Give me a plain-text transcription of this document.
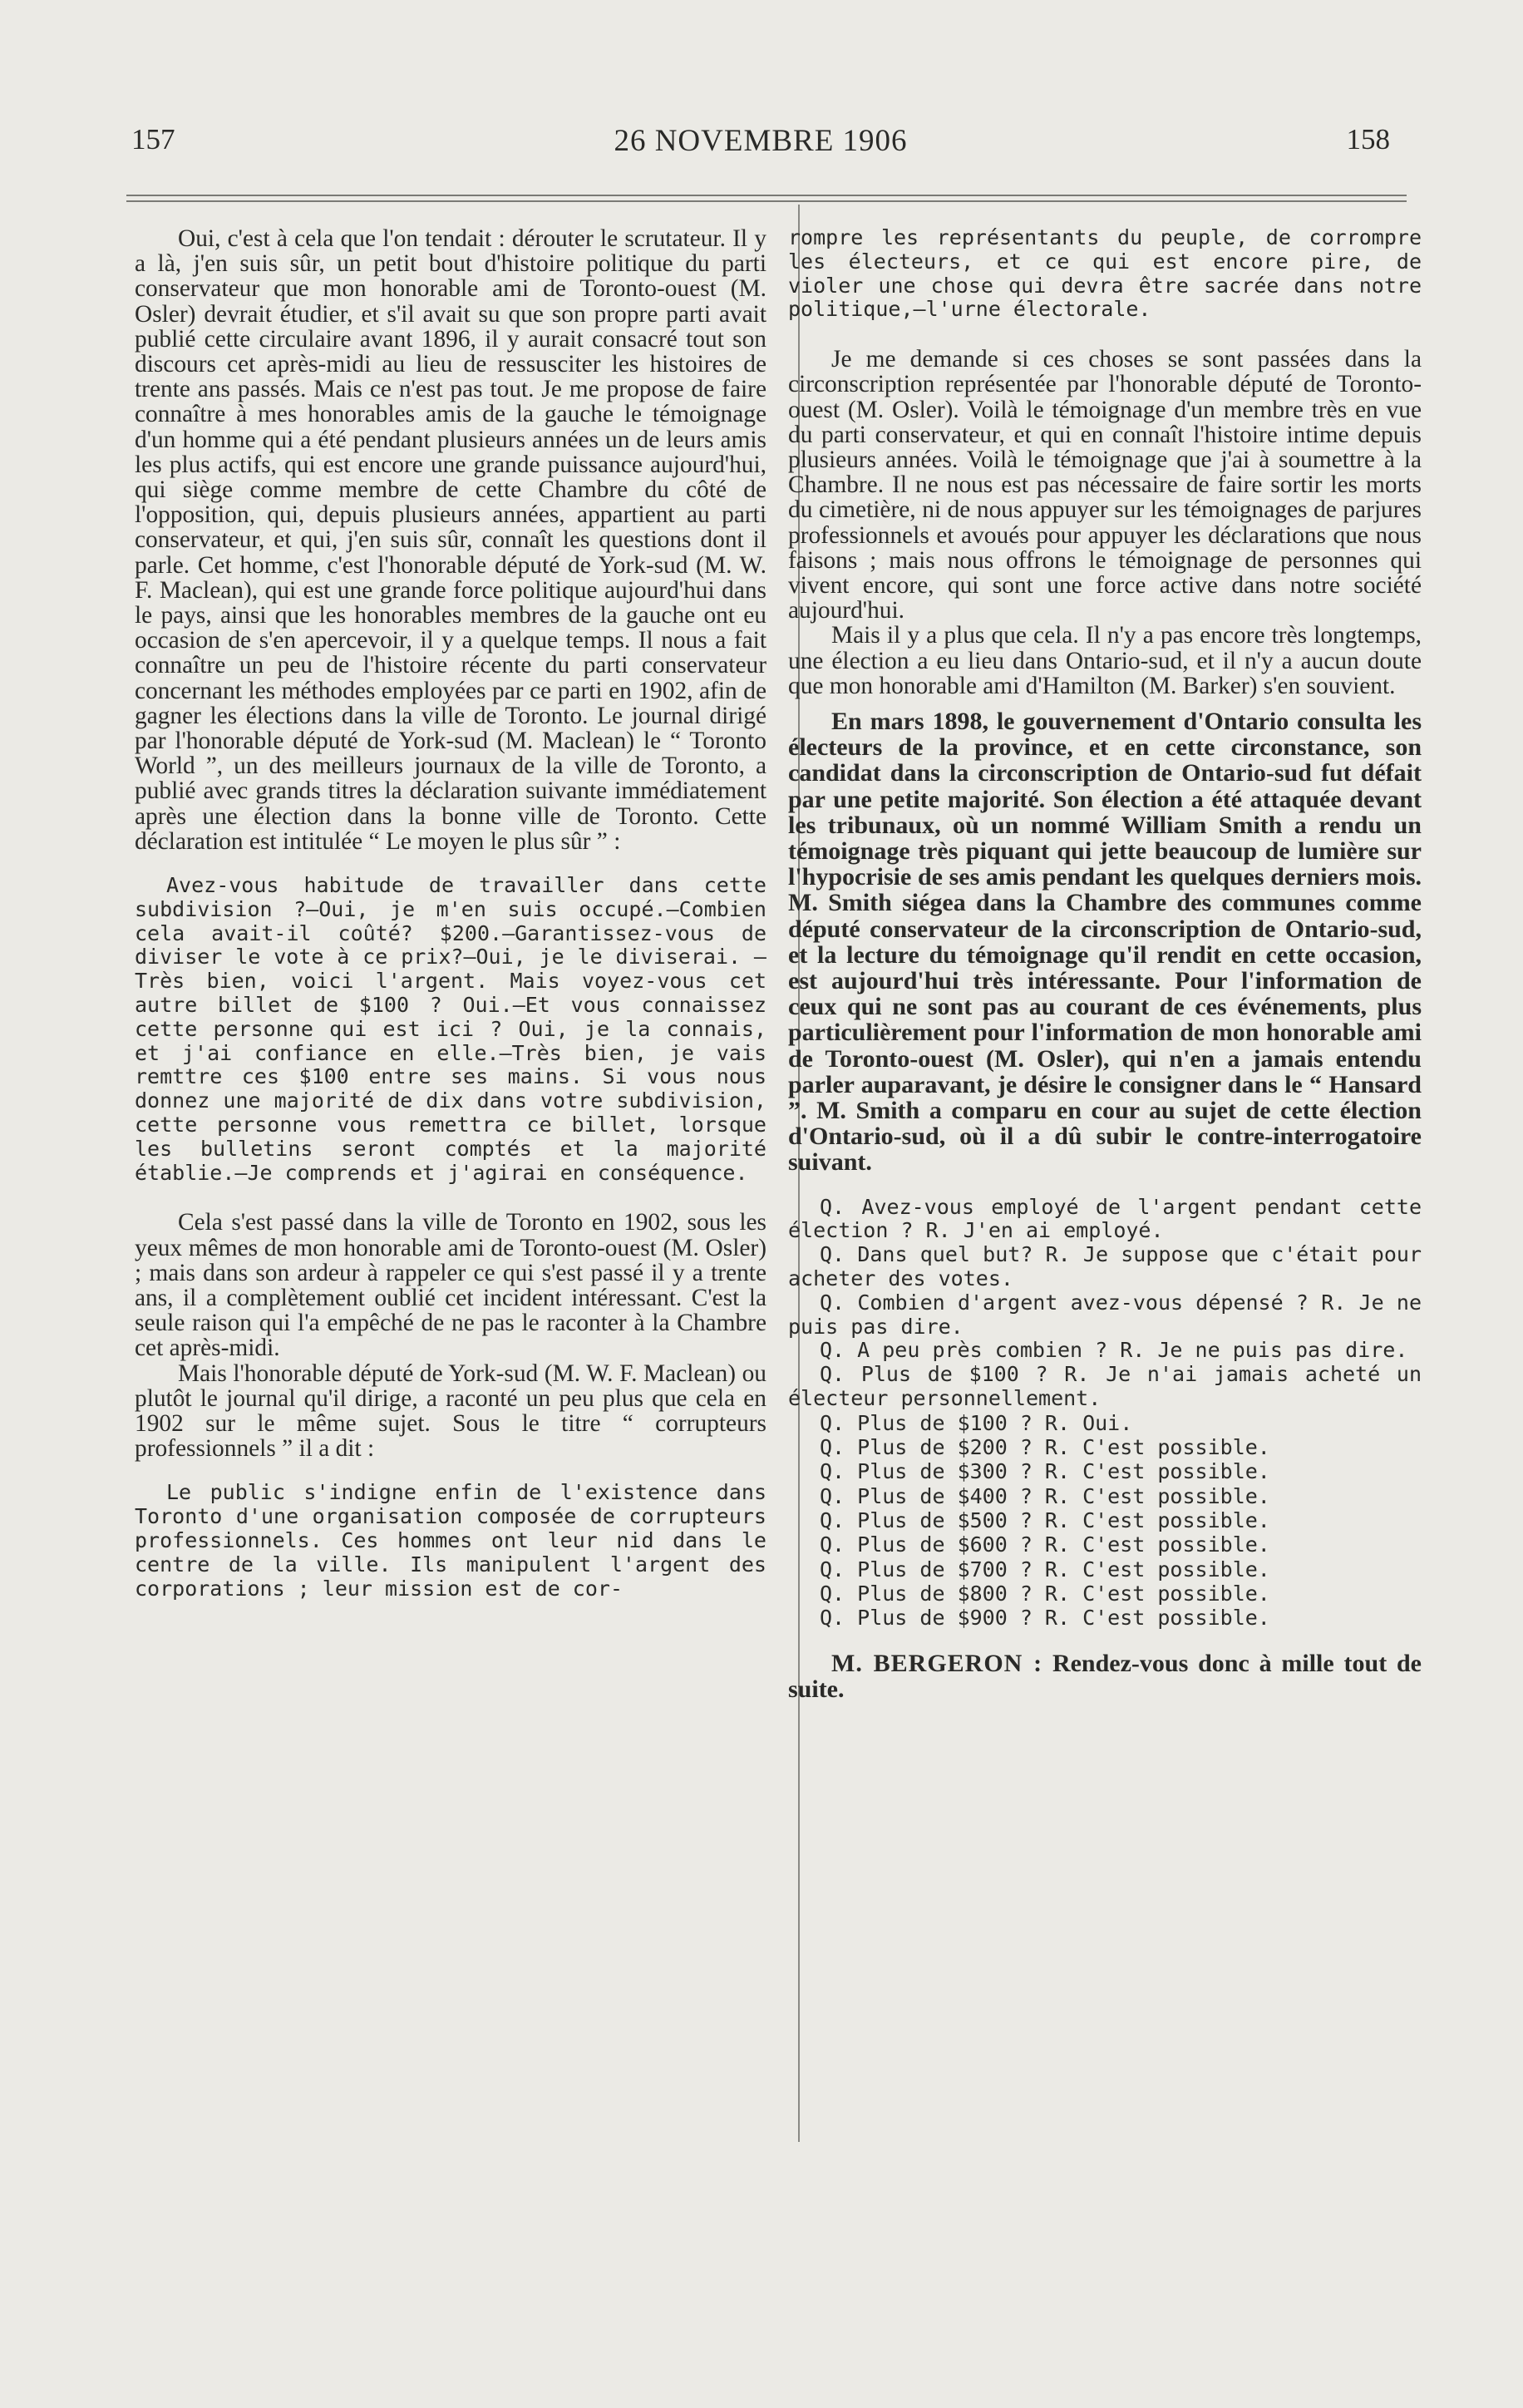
157	26 NOVEMBRE 1906	158

Oui, c'est à cela que l'on tendait : dérouter le scrutateur. Il y a là, j'en suis sûr, un petit bout d'histoire politique du parti conservateur que mon honorable ami de Toronto-ouest (M. Osler) devrait étudier, et s'il avait su que son propre parti avait publié cette circulaire avant 1896, il y aurait consacré tout son discours cet après-midi au lieu de ressusciter les histoires de trente ans passés. Mais ce n'est pas tout. Je me propose de faire connaître à mes honorables amis de la gauche le témoignage d'un homme qui a été pendant plusieurs années un de leurs amis les plus actifs, qui est encore une grande puissance aujourd'hui, qui siège comme membre de cette Chambre du côté de l'opposition, qui, depuis plusieurs années, appartient au parti conservateur, et qui, j'en suis sûr, connaît les questions dont il parle. Cet homme, c'est l'honorable député de York-sud (M. W. F. Maclean), qui est une grande force politique aujourd'hui dans le pays, ainsi que les honorables membres de la gauche ont eu occasion de s'en apercevoir, il y a quelque temps. Il nous a fait connaître un peu de l'histoire récente du parti conservateur concernant les méthodes employées par ce parti en 1902, afin de gagner les élections dans la ville de Toronto. Le journal dirigé par l'honorable député de York-sud (M. Maclean) le “ Toronto World ”, un des meilleurs journaux de la ville de Toronto, a publié avec grands titres la déclaration suivante immédiatement après une élection dans la bonne ville de Toronto. Cette déclaration est intitulée “ Le moyen le plus sûr ” :

Avez-vous habitude de travailler dans cette subdivision ?—Oui, je m'en suis occupé.—Combien cela avait-il coûté? $200.—Garantissez-vous de diviser le vote à ce prix?—Oui, je le diviserai. —Très bien, voici l'argent. Mais voyez-vous cet autre billet de $100 ? Oui.—Et vous connaissez cette personne qui est ici ? Oui, je la connais, et j'ai confiance en elle.—Très bien, je vais remttre ces $100 entre ses mains. Si vous nous donnez une majorité de dix dans votre subdivision, cette personne vous remettra ce billet, lorsque les bulletins seront comptés et la majorité établie.—Je comprends et j'agirai en conséquence.

Cela s'est passé dans la ville de Toronto en 1902, sous les yeux mêmes de mon honorable ami de Toronto-ouest (M. Osler) ; mais dans son ardeur à rappeler ce qui s'est passé il y a trente ans, il a complètement oublié cet incident intéressant. C'est la seule raison qui l'a empêché de ne pas le raconter à la Chambre cet après-midi.

Mais l'honorable député de York-sud (M. W. F. Maclean) ou plutôt le journal qu'il dirige, a raconté un peu plus que cela en 1902 sur le même sujet. Sous le titre “ corrupteurs professionnels ” il a dit :

Le public s'indigne enfin de l'existence dans Toronto d'une organisation composée de corrupteurs professionnels. Ces hommes ont leur nid dans le centre de la ville. Ils manipulent l'argent des corporations ; leur mission est de cor-

rompre les représentants du peuple, de corrompre les électeurs, et ce qui est encore pire, de violer une chose qui devra être sacrée dans notre politique,—l'urne électorale.

Je me demande si ces choses se sont passées dans la circonscription représentée par l'honorable député de Toronto-ouest (M. Osler). Voilà le témoignage d'un membre très en vue du parti conservateur, et qui en connaît l'histoire intime depuis plusieurs années. Voilà le témoignage que j'ai à soumettre à la Chambre. Il ne nous est pas nécessaire de faire sortir les morts du cimetière, ni de nous appuyer sur les témoignages de parjures professionnels et avoués pour appuyer les déclarations que nous faisons ; mais nous offrons le témoignage de personnes qui vivent encore, qui sont une force active dans notre société aujourd'hui.

Mais il y a plus que cela. Il n'y a pas encore très longtemps, une élection a eu lieu dans Ontario-sud, et il n'y a aucun doute que mon honorable ami d'Hamilton (M. Barker) s'en souvient.

En mars 1898, le gouvernement d'Ontario consulta les électeurs de la province, et en cette circonstance, son candidat dans la circonscription de Ontario-sud fut défait par une petite majorité. Son élection a été attaquée devant les tribunaux, où un nommé William Smith a rendu un témoignage très piquant qui jette beaucoup de lumière sur l'hypocrisie de ses amis pendant les quelques derniers mois. M. Smith siégea dans la Chambre des communes comme député conservateur de la circonscription de Ontario-sud, et la lecture du témoignage qu'il rendit en cette occasion, est aujourd'hui très intéressante. Pour l'information de ceux qui ne sont pas au courant de ces événements, plus particulièrement pour l'information de mon honorable ami de Toronto-ouest (M. Osler), qui n'en a jamais entendu parler auparavant, je désire le consigner dans le “ Hansard ”. M. Smith a comparu en cour au sujet de cette élection d'Ontario-sud, où il a dû subir le contre-interrogatoire suivant.

Q. Avez-vous employé de l'argent pendant cette élection ? R. J'en ai employé.

Q. Dans quel but? R. Je suppose que c'était pour acheter des votes.

Q. Combien d'argent avez-vous dépensé ? R. Je ne puis pas dire.

Q. A peu près combien ? R. Je ne puis pas dire.

Q. Plus de $100 ? R. Je n'ai jamais acheté un électeur personnellement.

Q. Plus de $100 ? R. Oui.
Q. Plus de $200 ? R. C'est possible.
Q. Plus de $300 ? R. C'est possible.
Q. Plus de $400 ? R. C'est possible.
Q. Plus de $500 ? R. C'est possible.
Q. Plus de $600 ? R. C'est possible.
Q. Plus de $700 ? R. C'est possible.
Q. Plus de $800 ? R. C'est possible.
Q. Plus de $900 ? R. C'est possible.

M. BERGERON : Rendez-vous donc à mille tout de suite.
